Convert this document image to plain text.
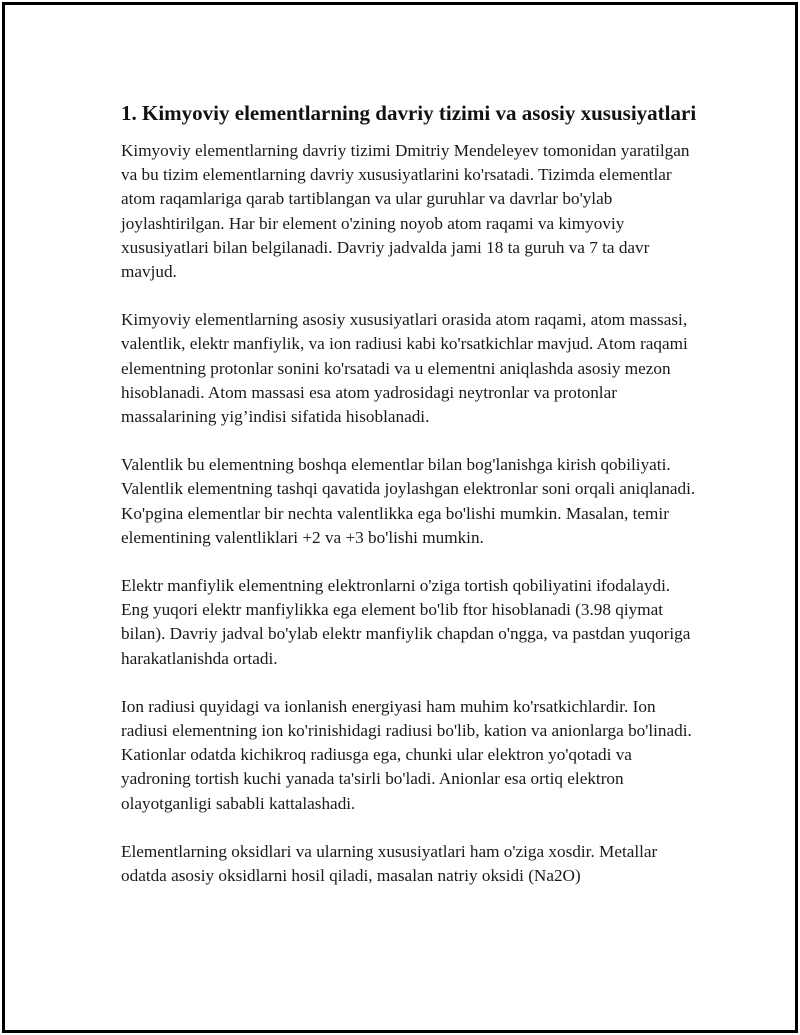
1. Kimyoviy elementlarning davriy tizimi va asosiy xususiyatlari

Kimyoviy elementlarning davriy tizimi Dmitriy Mendeleyev tomonidan yaratilgan va bu tizim elementlarning davriy xususiyatlarini ko'rsatadi. Tizimda elementlar atom raqamlariga qarab tartiblangan va ular guruhlar va davrlar bo'ylab joylashtirilgan. Har bir element o'zining noyob atom raqami va kimyoviy xususiyatlari bilan belgilanadi. Davriy jadvalda jami 18 ta guruh va 7 ta davr mavjud.

Kimyoviy elementlarning asosiy xususiyatlari orasida atom raqami, atom massasi, valentlik, elektr manfiylik, va ion radiusi kabi ko'rsatkichlar mavjud. Atom raqami elementning protonlar sonini ko'rsatadi va u elementni aniqlashda asosiy mezon hisoblanadi. Atom massasi esa atom yadrosidagi neytronlar va protonlar massalarining yig’indisi sifatida hisoblanadi.

Valentlik bu elementning boshqa elementlar bilan bog'lanishga kirish qobiliyati. Valentlik elementning tashqi qavatida joylashgan elektronlar soni orqali aniqlanadi. Ko'pgina elementlar bir nechta valentlikka ega bo'lishi mumkin. Masalan, temir elementining valentliklari +2 va +3 bo'lishi mumkin.

Elektr manfiylik elementning elektronlarni o'ziga tortish qobiliyatini ifodalaydi. Eng yuqori elektr manfiylikka ega element bo'lib ftor hisoblanadi (3.98 qiymat bilan). Davriy jadval bo'ylab elektr manfiylik chapdan o'ngga, va pastdan yuqoriga harakatlanishda ortadi.

Ion radiusi quyidagi va ionlanish energiyasi ham muhim ko'rsatkichlardir. Ion radiusi elementning ion ko'rinishidagi radiusi bo'lib, kation va anionlarga bo'linadi. Kationlar odatda kichikroq radiusga ega, chunki ular elektron yo'qotadi va yadroning tortish kuchi yanada ta'sirli bo'ladi. Anionlar esa ortiq elektron olayotganligi sababli kattalashadi.

Elementlarning oksidlari va ularning xususiyatlari ham o'ziga xosdir. Metallar odatda asosiy oksidlarni hosil qiladi, masalan natriy oksidi (Na2O)
